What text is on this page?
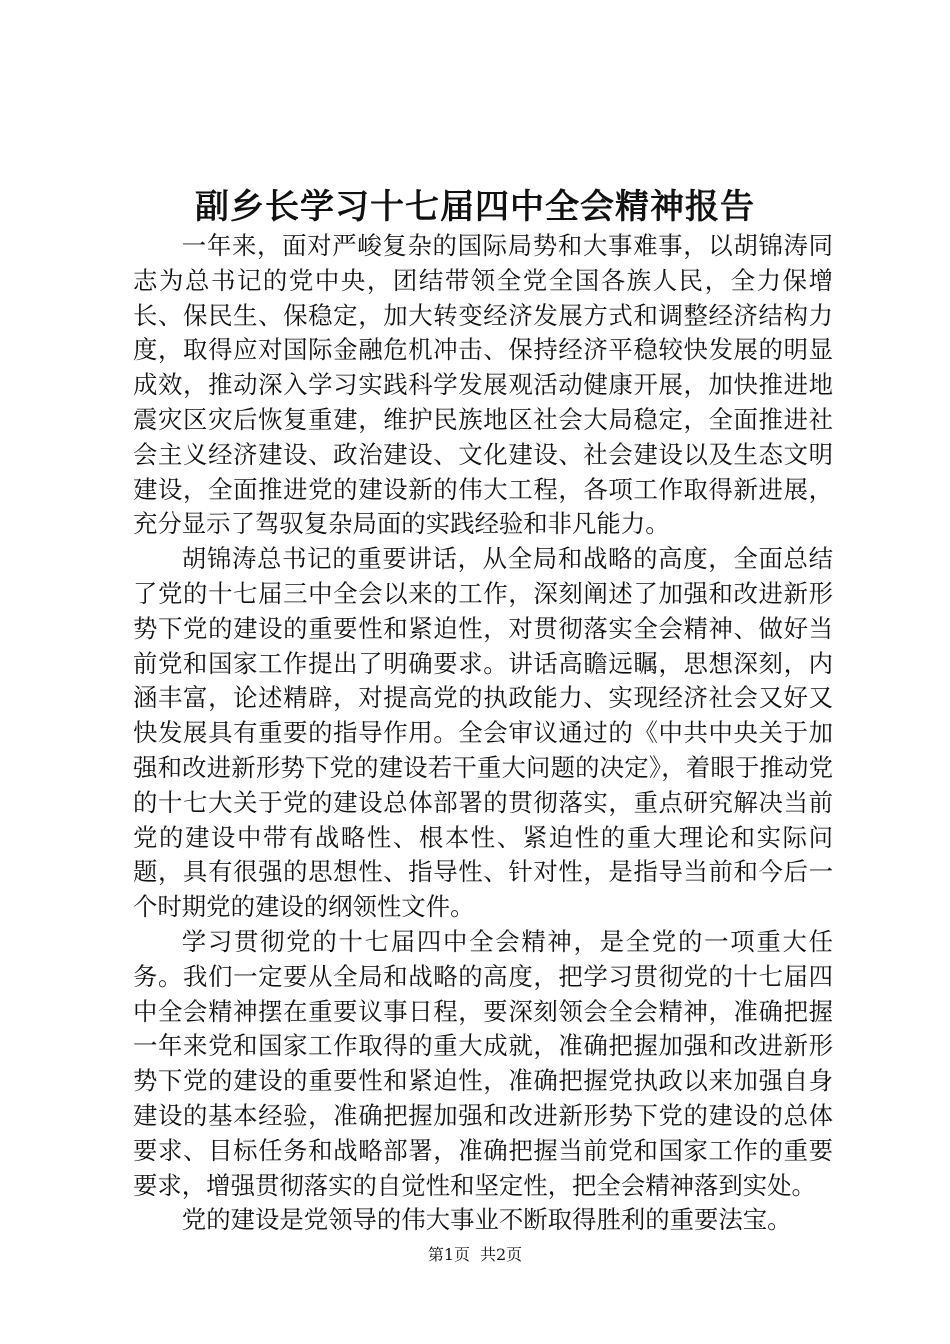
副乡长学习十七届四中全会精神报告

一年来，面对严峻复杂的国际局势和大事难事，以胡锦涛同志为总书记的党中央，团结带领全党全国各族人民，全力保增长、保民生、保稳定，加大转变经济发展方式和调整经济结构力度，取得应对国际金融危机冲击、保持经济平稳较快发展的明显成效，推动深入学习实践科学发展观活动健康开展，加快推进地震灾区灾后恢复重建，维护民族地区社会大局稳定，全面推进社会主义经济建设、政治建设、文化建设、社会建设以及生态文明建设，全面推进党的建设新的伟大工程，各项工作取得新进展，充分显示了驾驭复杂局面的实践经验和非凡能力。

胡锦涛总书记的重要讲话，从全局和战略的高度，全面总结了党的十七届三中全会以来的工作，深刻阐述了加强和改进新形势下党的建设的重要性和紧迫性，对贯彻落实全会精神、做好当前党和国家工作提出了明确要求。讲话高瞻远瞩，思想深刻，内涵丰富，论述精辟，对提高党的执政能力、实现经济社会又好又快发展具有重要的指导作用。全会审议通过的《中共中央关于加强和改进新形势下党的建设若干重大问题的决定》，着眼于推动党的十七大关于党的建设总体部署的贯彻落实，重点研究解决当前党的建设中带有战略性、根本性、紧迫性的重大理论和实际问题，具有很强的思想性、指导性、针对性，是指导当前和今后一个时期党的建设的纲领性文件。

学习贯彻党的十七届四中全会精神，是全党的一项重大任务。我们一定要从全局和战略的高度，把学习贯彻党的十七届四中全会精神摆在重要议事日程，要深刻领会全会精神，准确把握一年来党和国家工作取得的重大成就，准确把握加强和改进新形势下党的建设的重要性和紧迫性，准确把握党执政以来加强自身建设的基本经验，准确把握加强和改进新形势下党的建设的总体要求、目标任务和战略部署，准确把握当前党和国家工作的重要要求，增强贯彻落实的自觉性和坚定性，把全会精神落到实处。

党的建设是党领导的伟大事业不断取得胜利的重要法宝。

第1页 共2页
